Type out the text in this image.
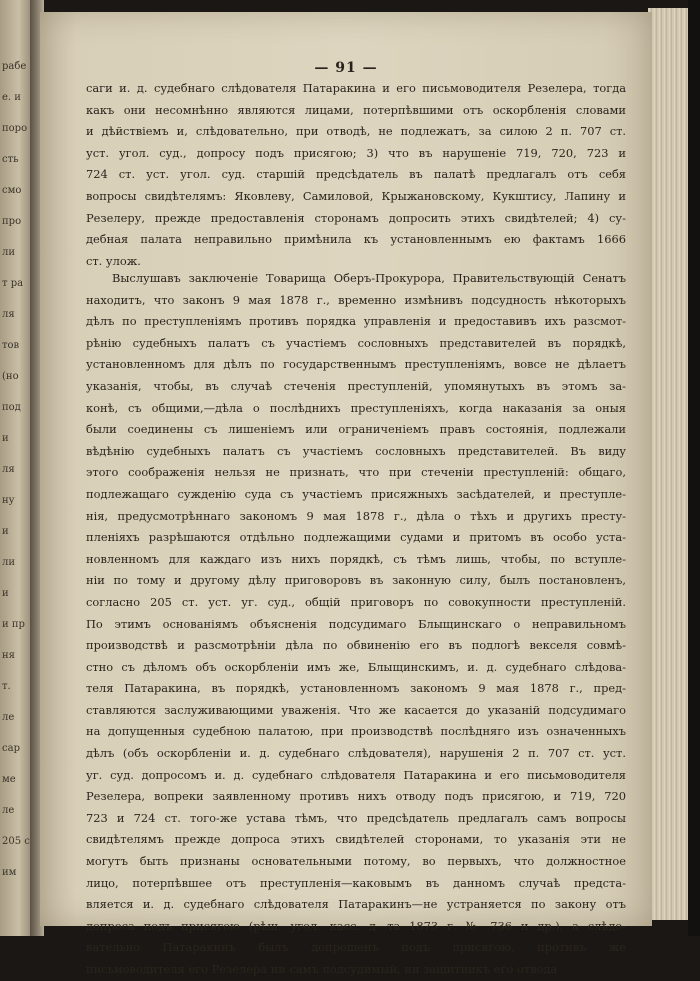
рабе
е. и
поро
сть
смо
про
ли
т ра
ля
тов
(но
под
и
ля
ну
и
ли
и
и пр
ня
т.
ле
сар
ме
ле
205 с
им
— 91 —
саги и. д. судебнаго слѣдователя Патаракина и его письмоводителя Резелера, тогда
какъ они несомнѣнно являются лицами, потерпѣвшими отъ оскорбленія словами
и дѣйствіемъ и, слѣдовательно, при отводѣ, не подлежатъ, за силою 2 п. 707 ст.
уст. угол. суд., допросу подъ присягою; 3) что въ нарушеніе 719, 720, 723 и
724 ст. уст. угол. суд. старшій предсѣдатель въ палатѣ предлагалъ отъ себя
вопросы свидѣтелямъ: Яковлеву, Самиловой, Крыжановскому, Кукштису, Лапину и
Резелеру, прежде предоставленія сторонамъ допросить этихъ свидѣтелей; 4) су-
дебная палата неправильно примѣнила къ установленнымъ ею фактамъ 1666
ст. улож.
Выслушавъ заключеніе Товарища Оберъ-Прокурора, Правительствующій Сенатъ
находитъ, что законъ 9 мая 1878 г., временно измѣнивъ подсудность нѣкоторыхъ
дѣлъ по преступленіямъ противъ порядка управленія и предоставивъ ихъ разсмот-
рѣнію судебныхъ палатъ съ участіемъ сословныхъ представителей въ порядкѣ,
установленномъ для дѣлъ по государственнымъ преступленіямъ, вовсе не дѣлаетъ
указанія, чтобы, въ случаѣ стеченія преступленій, упомянутыхъ въ этомъ за-
конѣ, съ общими,—дѣла о послѣднихъ преступленіяхъ, когда наказанія за оныя
были соединены съ лишеніемъ или ограниченіемъ правъ состоянія, подлежали
вѣдѣнію судебныхъ палатъ съ участіемъ сословныхъ представителей. Въ виду
этого соображенія нельзя не признать, что при стеченіи преступленій: общаго,
подлежащаго сужденію суда съ участіемъ присяжныхъ засѣдателей, и преступле-
нія, предусмотрѣннаго закономъ 9 мая 1878 г., дѣла о тѣхъ и другихъ престу-
пленіяхъ разрѣшаются отдѣльно подлежащими судами и притомъ въ особо уста-
новленномъ для каждаго изъ нихъ порядкѣ, съ тѣмъ лишь, чтобы, по вступле-
ніи по тому и другому дѣлу приговоровъ въ законную силу, былъ постановленъ,
согласно 205 ст. уст. уг. суд., общій приговоръ по совокупности преступленій.
По этимъ основаніямъ объясненія подсудимаго Блыщинскаго о неправильномъ
производствѣ и разсмотрѣніи дѣла по обвиненію его въ подлогѣ векселя совмѣ-
стно съ дѣломъ объ оскорбленіи имъ же, Блыщинскимъ, и. д. судебнаго слѣдова-
теля Патаракина, въ порядкѣ, установленномъ закономъ 9 мая 1878 г., пред-
ставляются заслуживающими уваженія. Что же касается до указаній подсудимаго
на допущенныя судебною палатою, при производствѣ послѣдняго изъ означенныхъ
дѣлъ (объ оскорбленіи и. д. судебнаго слѣдователя), нарушенія 2 п. 707 ст. уст.
уг. суд. допросомъ и. д. судебнаго слѣдователя Патаракина и его письмоводителя
Резелера, вопреки заявленному противъ нихъ отводу подъ присягою, и 719, 720
723 и 724 ст. того-же устава тѣмъ, что предсѣдатель предлагалъ самъ вопросы
свидѣтелямъ прежде допроса этихъ свидѣтелей сторонами, то указанія эти не
могутъ быть признаны основательными потому, во первыхъ, что должностное
лицо, потерпѣвшее отъ преступленія—каковымъ въ данномъ случаѣ предста-
вляется и. д. судебнаго слѣдователя Патаракинъ—не устраняется по закону отъ
допроса подъ присягою (рѣш. угол. касс. д—та 1873 г. № 736 и др.), а слѣдо-
вательно Патаракинъ былъ допрошенъ подъ присягою, противъ же
письмоводителя его Резелера ни самъ подсудимый, ни защитникъ его отвода
